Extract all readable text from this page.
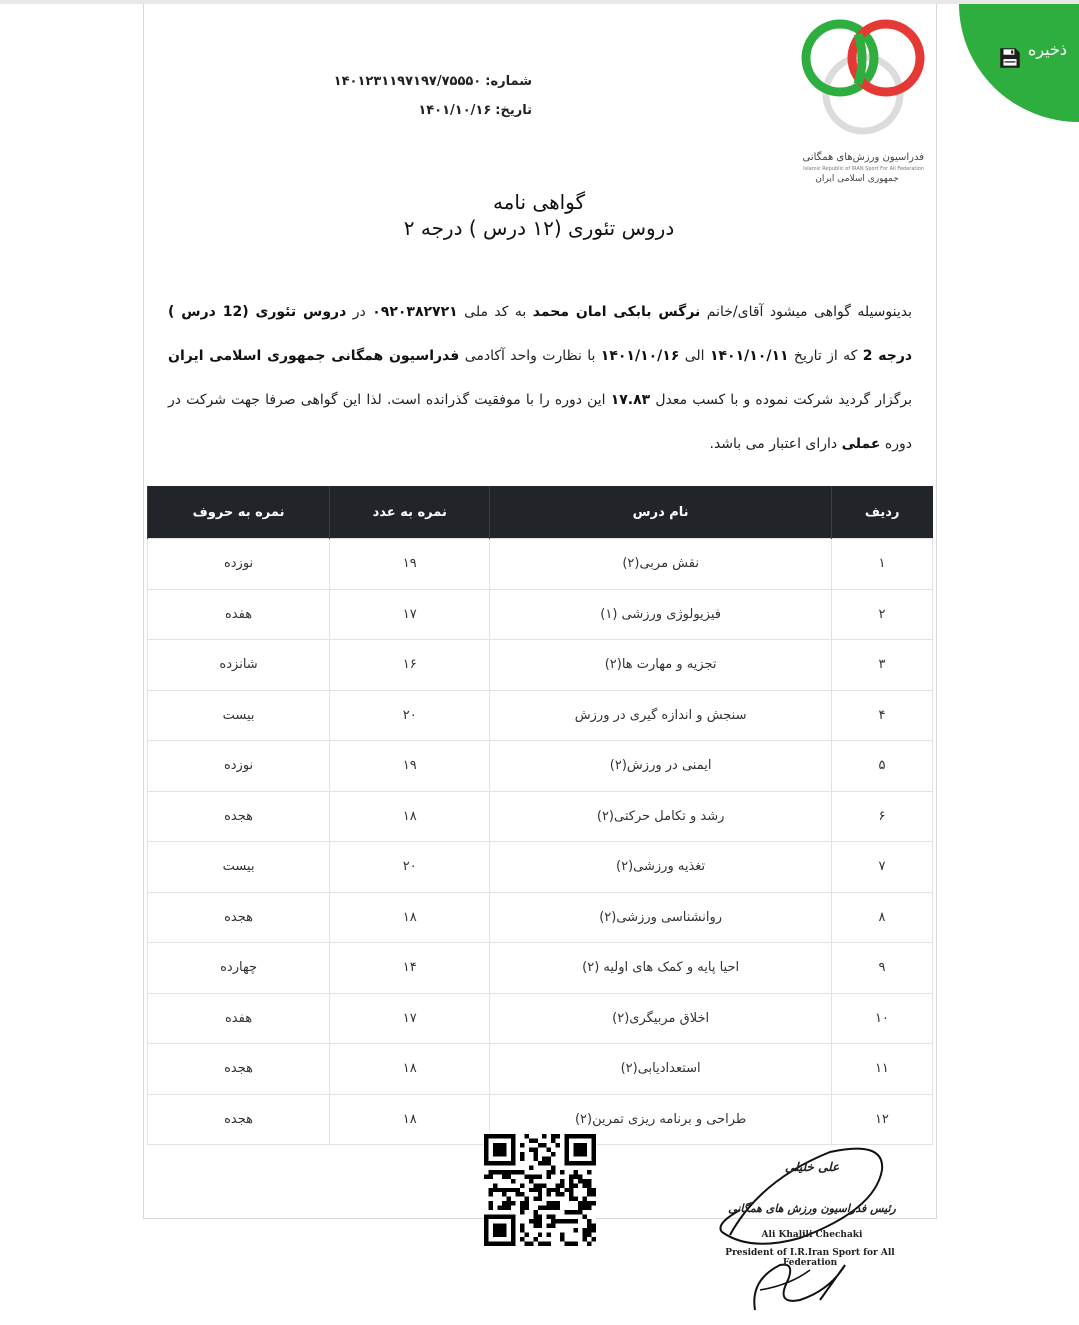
ذخیره
فدراسیون ورزش‌های همگانی
Islamic Republic of IRAN Sport For All Federation
جمهوری اسلامی ایران
شماره:۱۴۰۱۲۳۱۱۹۷۱۹۷/۷۵۵۵۰
تاریخ:۱۴۰۱/۱۰/۱۶
گواهی نامه
دروس تئوری (۱۲ درس ) درجه ۲
بدینوسیله گواهی میشود آقای/خانم نرگس بابکی امان محمد به کد ملی ۰۹۲۰۳۸۲۷۲۱ در دروس تئوری (12 درس ) درجه 2 که از تاریخ ۱۴۰۱/۱۰/۱۱ الی ۱۴۰۱/۱۰/۱۶ با نظارت واحد آکادمی فدراسیون همگانی جمهوری اسلامی ایران برگزار گردید شرکت نموده و با کسب معدل ۱۷.۸۳ این دوره را با موفقیت گذرانده است. لذا این گواهی صرفا جهت شرکت در دوره عملی دارای اعتبار می باشد.
ردیف	نام درس	نمره به عدد	نمره به حروف
۱	نقش مربی(۲)	۱۹	نوزده
۲	فیزیولوژی ورزشی (۱)	۱۷	هفده
۳	تجزیه و مهارت ها(۲)	۱۶	شانزده
۴	سنجش و اندازه گیری در ورزش	۲۰	بیست
۵	ایمنی در ورزش(۲)	۱۹	نوزده
۶	رشد و تکامل حرکتی(۲)	۱۸	هجده
۷	تغذیه ورزشی(۲)	۲۰	بیست
۸	روانشناسی ورزشی(۲)	۱۸	هجده
۹	احیا پایه و کمک های اولیه (۲)	۱۴	چهارده
۱۰	اخلاق مربیگری(۲)	۱۷	هفده
۱۱	استعدادیابی(۲)	۱۸	هجده
۱۲	طراحی و برنامه ریزی تمرین(۲)	۱۸	هجده
علی خلیلی
رئیس فدراسیون ورزش های همگانی
Ali Khalili Chechaki
President of I.R.Iran Sport for All Federation
